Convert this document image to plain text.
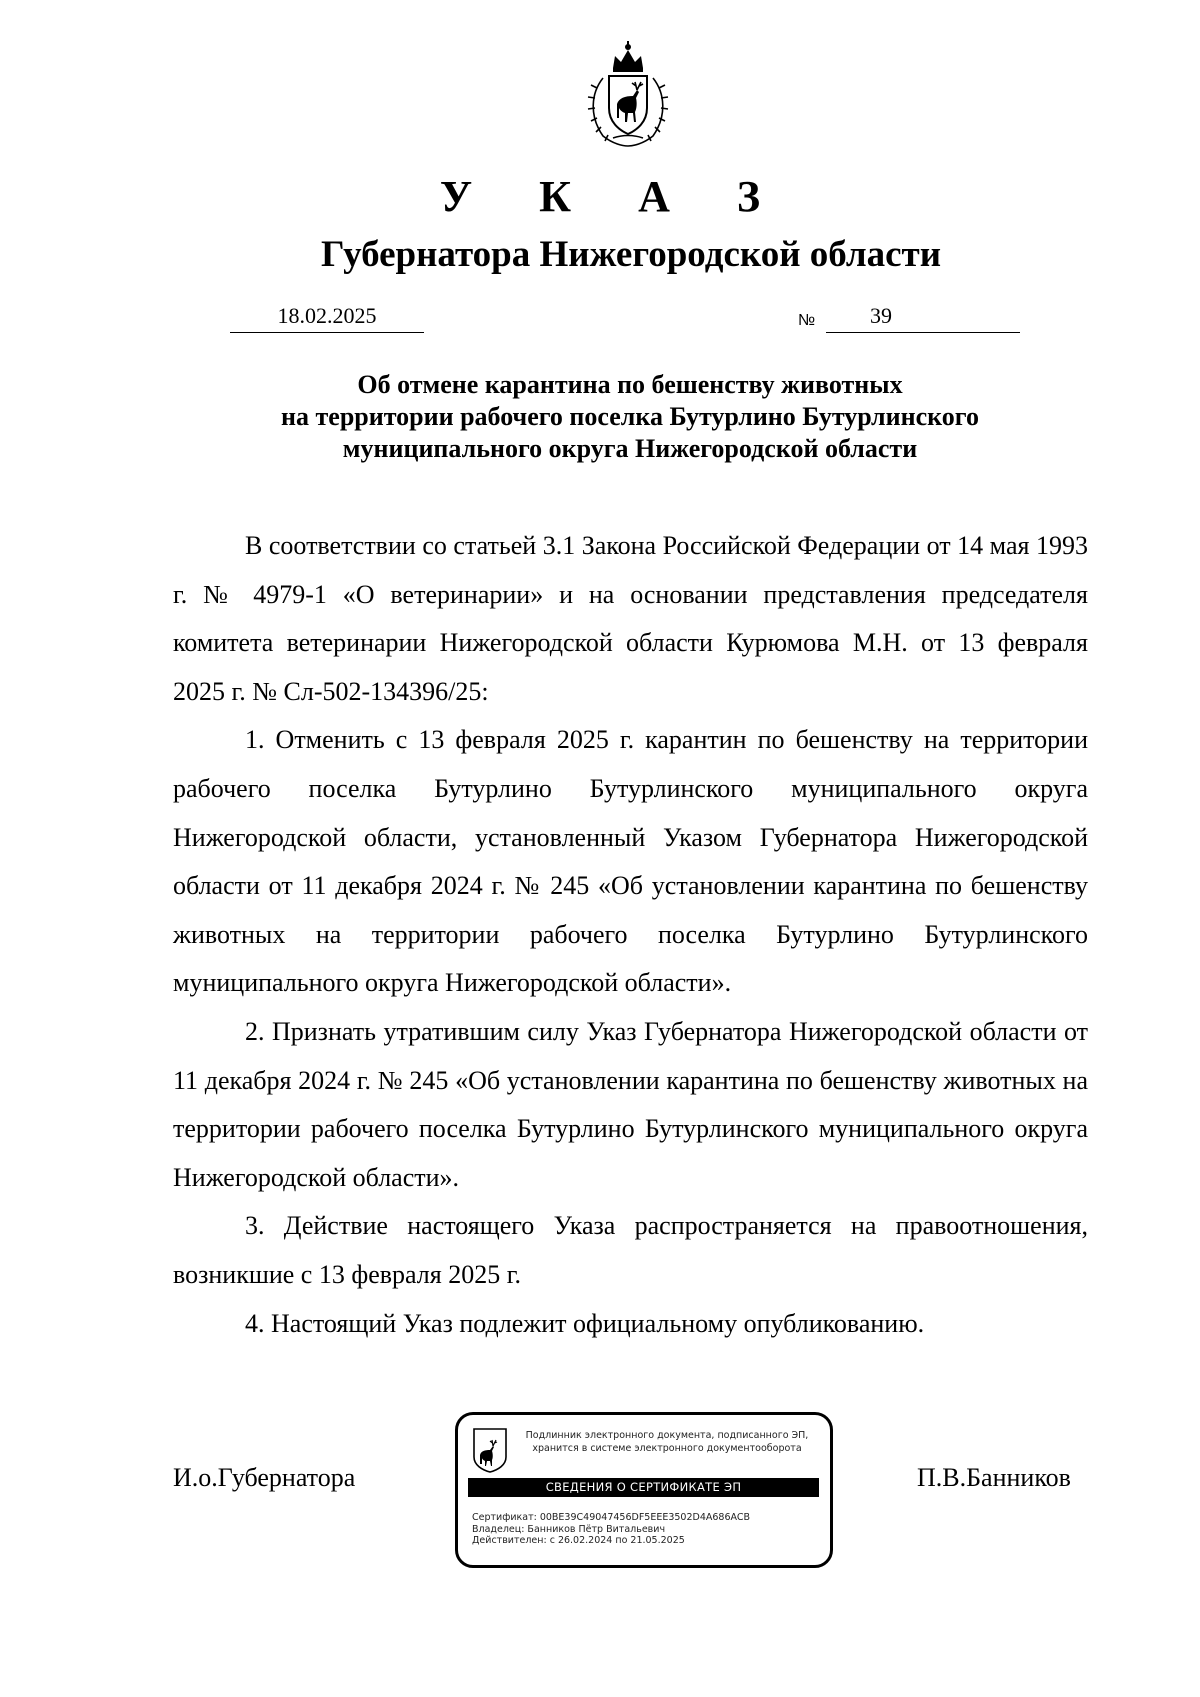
У К А З
Губернатора Нижегородской области
18.02.2025	№	39
Об отмене карантина по бешенству животных
на территории рабочего поселка Бутурлино Бутурлинского
муниципального округа Нижегородской области

В соответствии со статьей 3.1 Закона Российской Федерации от 14 мая 1993 г. № 4979-1 «О ветеринарии» и на основании представления председателя комитета ветеринарии Нижегородской области Курюмова М.Н. от 13 февраля 2025 г. № Сл-502-134396/25:

1. Отменить с 13 февраля 2025 г. карантин по бешенству на территории рабочего поселка Бутурлино Бутурлинского муниципального округа Нижегородской области, установленный Указом Губернатора Нижегородской области от 11 декабря 2024 г. № 245 «Об установлении карантина по бешенству животных на территории рабочего поселка Бутурлино Бутурлинского муниципального округа Нижегородской области».

2. Признать утратившим силу Указ Губернатора Нижегородской области от 11 декабря 2024 г. № 245 «Об установлении карантина по бешенству животных на территории рабочего поселка Бутурлино Бутурлинского муниципального округа Нижегородской области».

3. Действие настоящего Указа распространяется на правоотношения, возникшие с 13 февраля 2025 г.

4. Настоящий Указ подлежит официальному опубликованию.

И.о.Губернатора
Подлинник электронного документа, подписанного ЭП,
хранится в системе электронного документооборота
СВЕДЕНИЯ О СЕРТИФИКАТЕ ЭП
Сертификат: 00BE39C49047456DF5EEE3502D4A686ACB
Владелец: Банников Пётр Витальевич
Действителен: с 26.02.2024 по 21.05.2025
П.В.Банников
